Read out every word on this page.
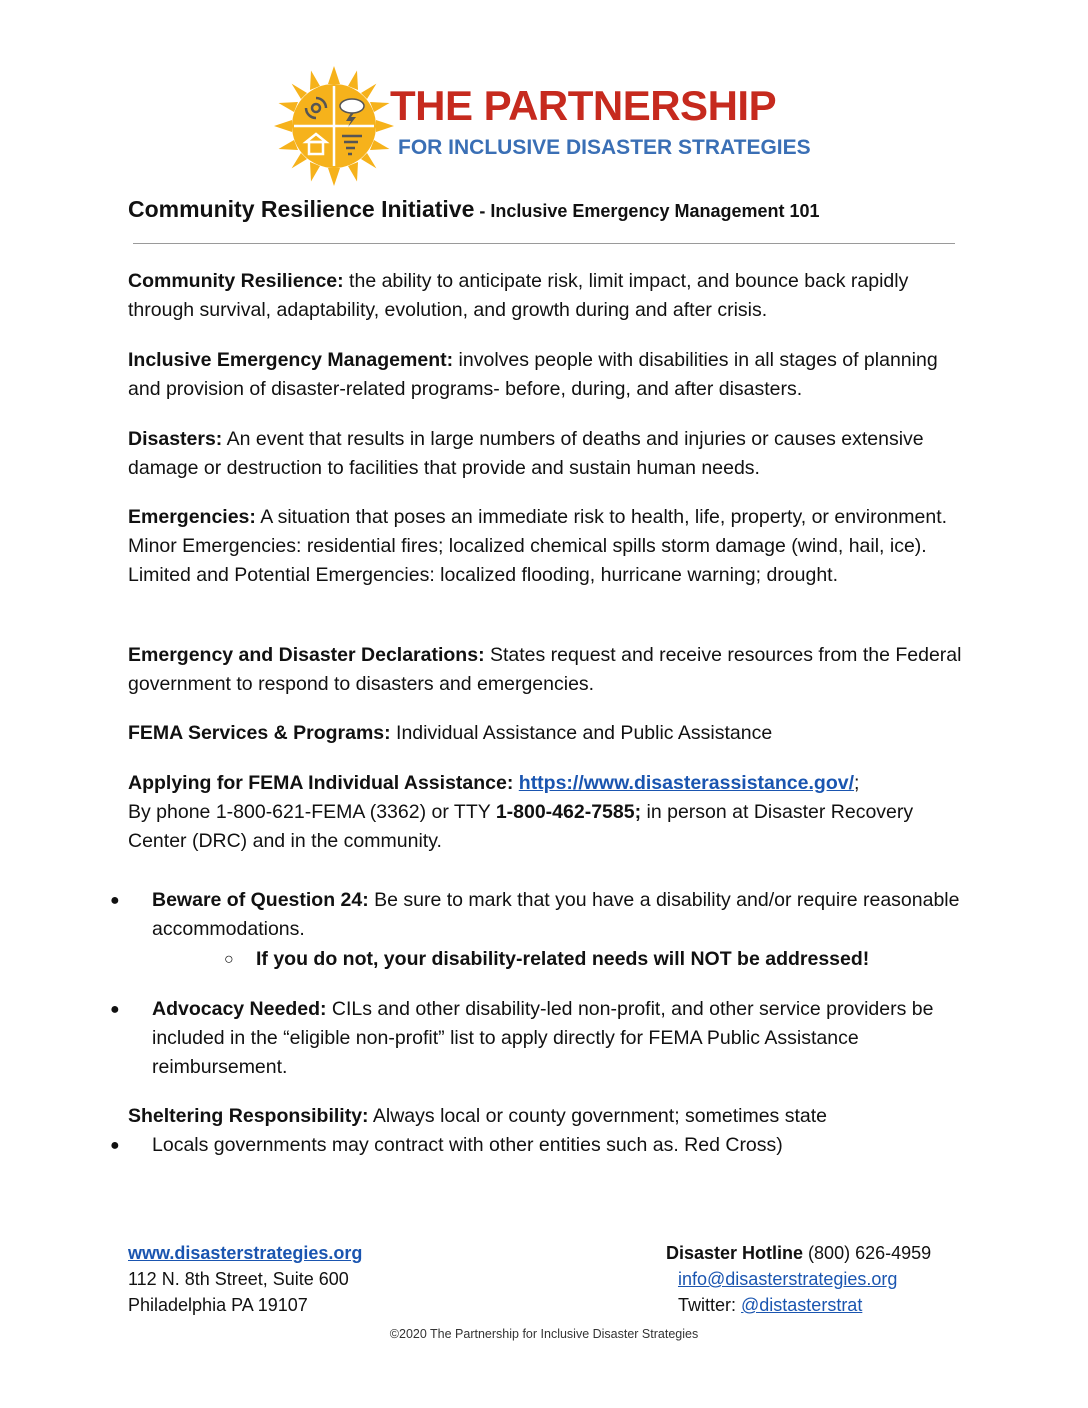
THE PARTNERSHIP
FOR INCLUSIVE DISASTER STRATEGIES
Community Resilience Initiative - Inclusive Emergency Management 101

Community Resilience: the ability to anticipate risk, limit impact, and bounce back rapidly through survival, adaptability, evolution, and growth during and after crisis.

Inclusive Emergency Management: involves people with disabilities in all stages of planning and provision of disaster-related programs- before, during, and after disasters.

Disasters: An event that results in large numbers of deaths and injuries or causes extensive damage or destruction to facilities that provide and sustain human needs.

Emergencies: A situation that poses an immediate risk to health, life, property, or environment. Minor Emergencies: residential fires; localized chemical spills storm damage (wind, hail, ice). Limited and Potential Emergencies: localized flooding, hurricane warning; drought.

Emergency and Disaster Declarations: States request and receive resources from the Federal government to respond to disasters and emergencies.

FEMA Services & Programs: Individual Assistance and Public Assistance

Applying for FEMA Individual Assistance: https://www.disasterassistance.gov/;
By phone 1-800-621-FEMA (3362) or TTY 1-800-462-7585; in person at Disaster Recovery Center (DRC) and in the community.

● Beware of Question 24: Be sure to mark that you have a disability and/or require reasonable accommodations.
○ If you do not, your disability-related needs will NOT be addressed!
● Advocacy Needed: CILs and other disability-led non-profit, and other service providers be included in the “eligible non-profit” list to apply directly for FEMA Public Assistance reimbursement.

Sheltering Responsibility: Always local or county government; sometimes state

● Locals governments may contract with other entities such as. Red Cross)
www.disasterstrategies.org
112 N. 8th Street, Suite 600
Philadelphia PA 19107
Disaster Hotline (800) 626-4959
info@disasterstrategies.org
Twitter: @distasterstrat
©2020 The Partnership for Inclusive Disaster Strategies
